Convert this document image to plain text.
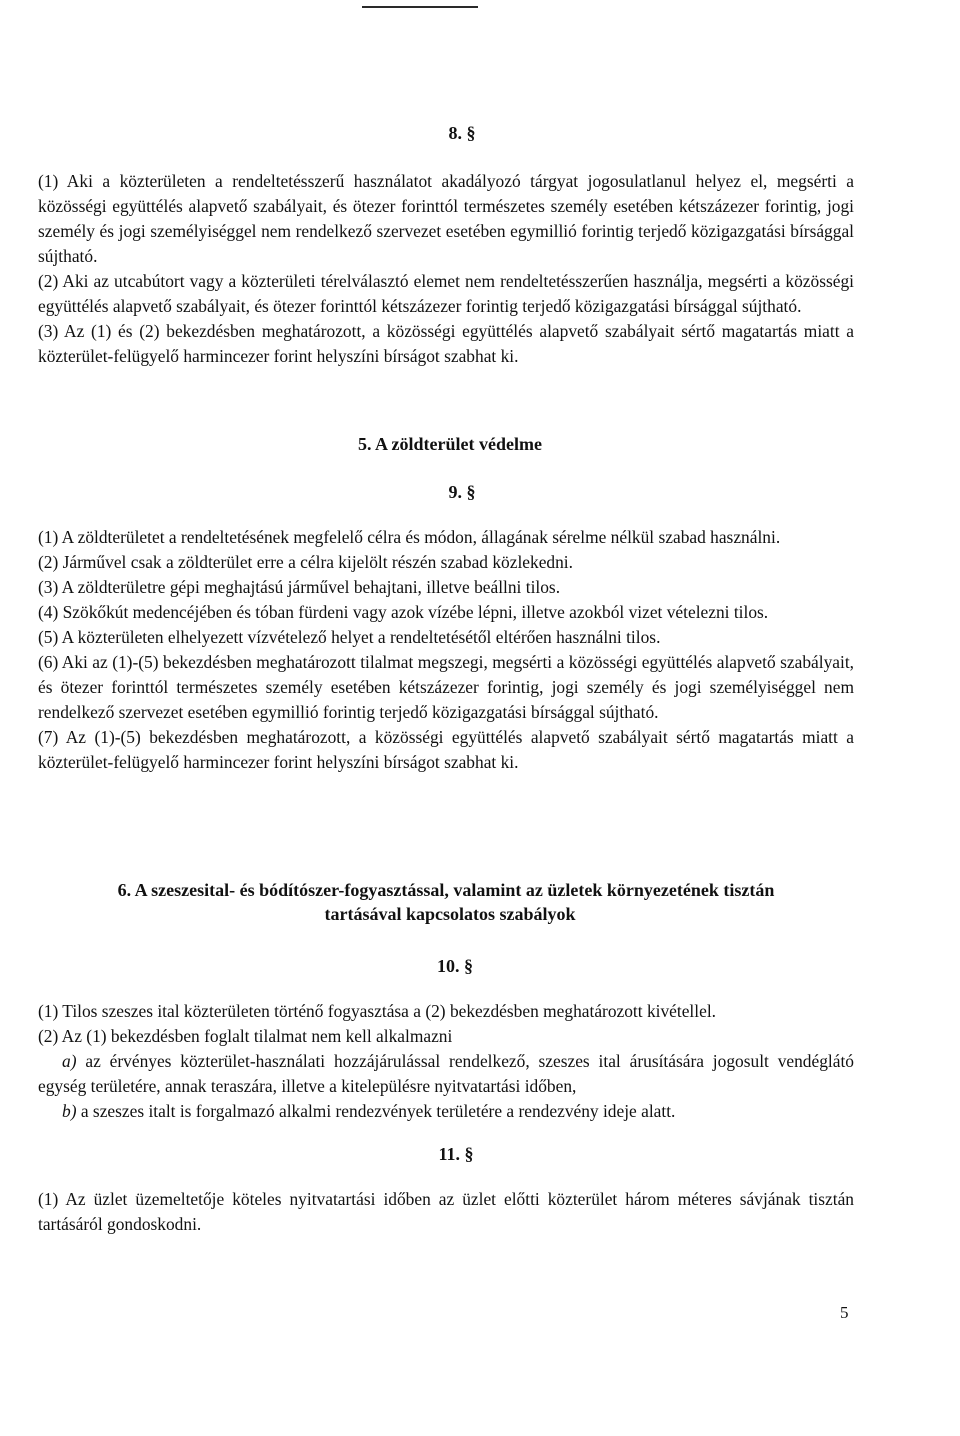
8. §

(1) Aki a közterületen a rendeltetésszerű használatot akadályozó tárgyat jogosulatlanul helyez el, megsérti a közösségi együttélés alapvető szabályait, és ötezer forinttól természetes személy esetében kétszázezer forintig, jogi személy és jogi személyiséggel nem rendelkező szervezet esetében egymillió forintig terjedő közigazgatási bírsággal sújtható.

(2) Aki az utcabútort vagy a közterületi térelválasztó elemet nem rendeltetésszerűen használja, megsérti a közösségi együttélés alapvető szabályait, és ötezer forinttól kétszázezer forintig terjedő közigazgatási bírsággal sújtható.

(3) Az (1) és (2) bekezdésben meghatározott, a közösségi együttélés alapvető szabályait sértő magatartás miatt a közterület-felügyelő harmincezer forint helyszíni bírságot szabhat ki.

5. A zöldterület védelme

9. §

(1) A zöldterületet a rendeltetésének megfelelő célra és módon, állagának sérelme nélkül szabad használni.

(2) Járművel csak a zöldterület erre a célra kijelölt részén szabad közlekedni.

(3) A zöldterületre gépi meghajtású járművel behajtani, illetve beállni tilos.

(4) Szökőkút medencéjében és tóban fürdeni vagy azok vízébe lépni, illetve azokból vizet vételezni tilos.

(5) A közterületen elhelyezett vízvételező helyet a rendeltetésétől eltérően használni tilos.

(6) Aki az (1)-(5) bekezdésben meghatározott tilalmat megszegi, megsérti a közösségi együttélés alapvető szabályait, és ötezer forinttól természetes személy esetében kétszázezer forintig, jogi személy és jogi személyiséggel nem rendelkező szervezet esetében egymillió forintig terjedő közigazgatási bírsággal sújtható.

(7) Az (1)-(5) bekezdésben meghatározott, a közösségi együttélés alapvető szabályait sértő magatartás miatt a közterület-felügyelő harmincezer forint helyszíni bírságot szabhat ki.

6. A szeszesital- és bódítószer-fogyasztással, valamint az üzletek környezetének tisztán

tartásával kapcsolatos szabályok

10. §

(1) Tilos szeszes ital közterületen történő fogyasztása a (2) bekezdésben meghatározott kivétellel.

(2) Az (1) bekezdésben foglalt tilalmat nem kell alkalmazni

a) az érvényes közterület-használati hozzájárulással rendelkező, szeszes ital árusítására jogosult vendéglátó egység területére, annak teraszára, illetve a kitelepülésre nyitvatartási időben,

b) a szeszes italt is forgalmazó alkalmi rendezvények területére a rendezvény ideje alatt.

11. §

(1) Az üzlet üzemeltetője köteles nyitvatartási időben az üzlet előtti közterület három méteres sávjának tisztán tartásáról gondoskodni.

5
